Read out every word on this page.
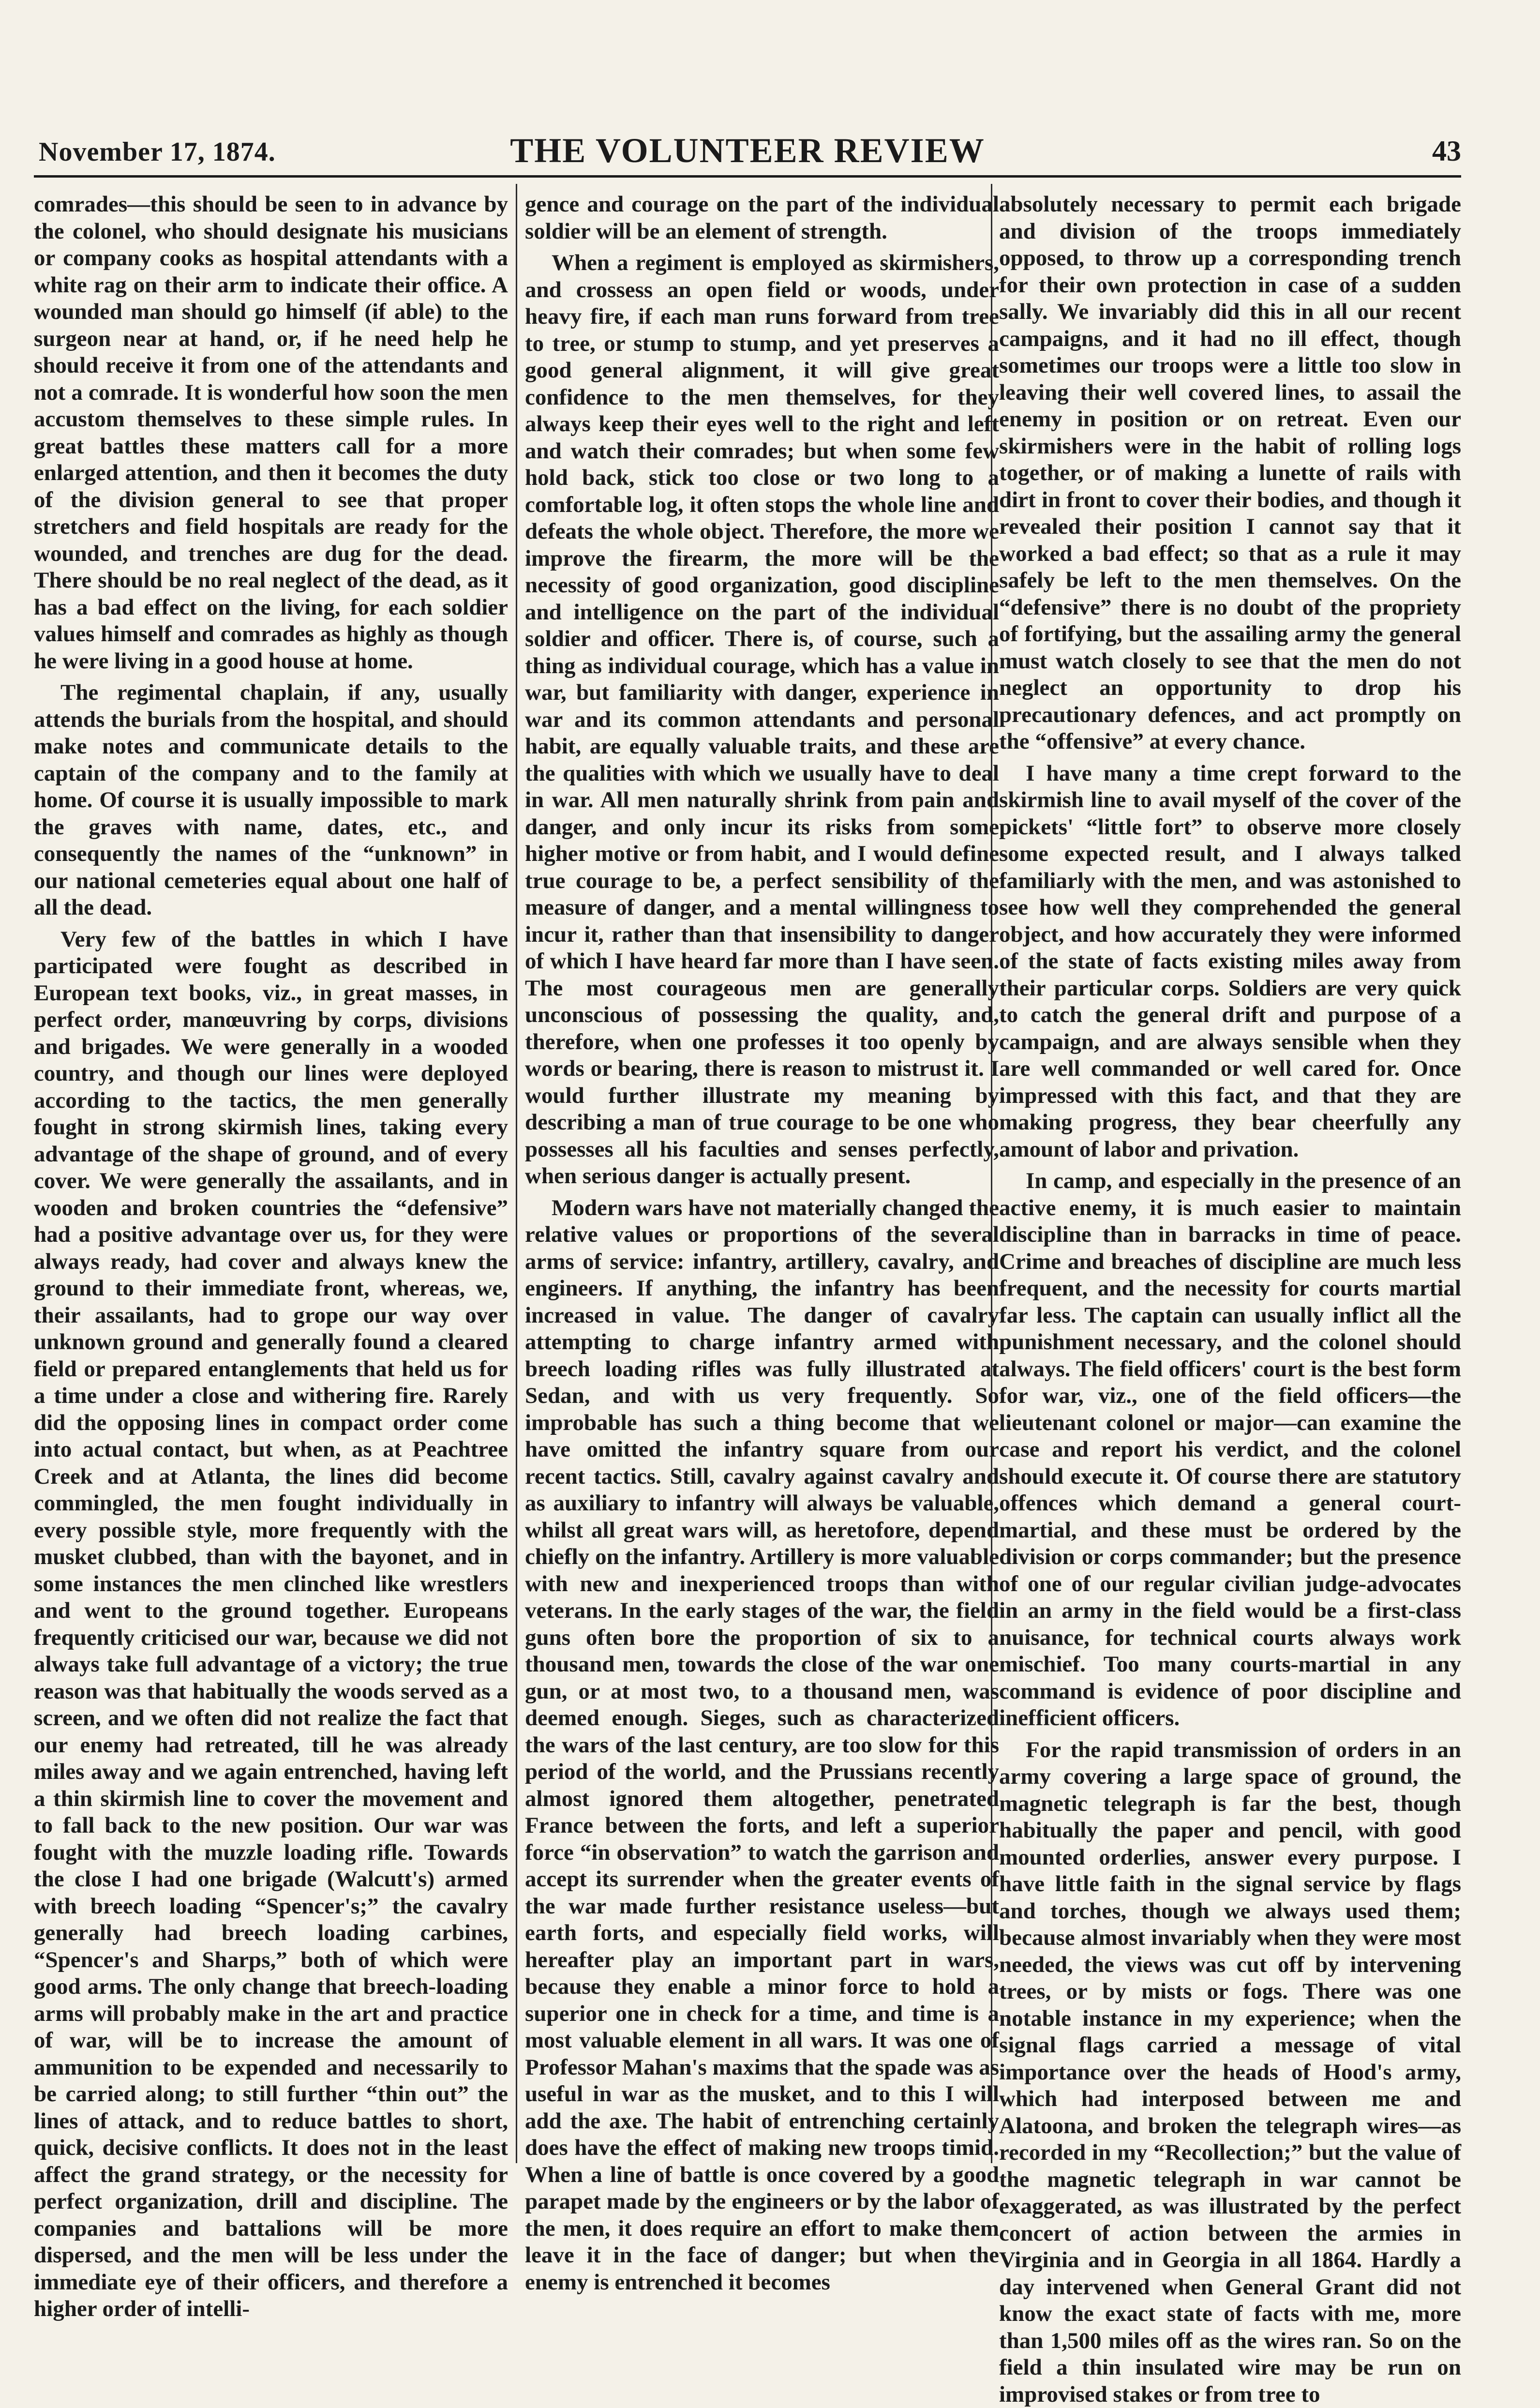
November 17, 1874.	THE VOLUNTEER REVIEW	43

comrades—this should be seen to in advance by the colonel, who should designate his musicians or company cooks as hospital attendants with a white rag on their arm to indicate their office. A wounded man should go himself (if able) to the surgeon near at hand, or, if he need help he should receive it from one of the attendants and not a comrade. It is wonderful how soon the men accustom themselves to these simple rules. In great battles these matters call for a more enlarged attention, and then it becomes the duty of the division general to see that proper stretchers and field hospitals are ready for the wounded, and trenches are dug for the dead. There should be no real neglect of the dead, as it has a bad effect on the living, for each soldier values himself and comrades as highly as though he were living in a good house at home.

The regimental chaplain, if any, usually attends the burials from the hospital, and should make notes and communicate details to the captain of the company and to the family at home. Of course it is usually impossible to mark the graves with name, dates, etc., and consequently the names of the “unknown” in our national cemeteries equal about one half of all the dead.

Very few of the battles in which I have participated were fought as described in European text books, viz., in great masses, in perfect order, manœuvring by corps, divisions and brigades. We were generally in a wooded country, and though our lines were deployed according to the tactics, the men generally fought in strong skirmish lines, taking every advantage of the shape of ground, and of every cover. We were generally the assailants, and in wooden and broken countries the “defensive” had a positive advantage over us, for they were always ready, had cover and always knew the ground to their immediate front, whereas, we, their assailants, had to grope our way over unknown ground and generally found a cleared field or prepared entanglements that held us for a time under a close and withering fire. Rarely did the opposing lines in compact order come into actual contact, but when, as at Peachtree Creek and at Atlanta, the lines did become commingled, the men fought individually in every possible style, more frequently with the musket clubbed, than with the bayonet, and in some instances the men clinched like wrestlers and went to the ground together. Europeans frequently criticised our war, because we did not always take full advantage of a victory; the true reason was that habitually the woods served as a screen, and we often did not realize the fact that our enemy had retreated, till he was already miles away and we again entrenched, having left a thin skirmish line to cover the movement and to fall back to the new position. Our war was fought with the muzzle loading rifle. Towards the close I had one brigade (Walcutt's) armed with breech loading “Spencer's;” the cavalry generally had breech loading carbines, “Spencer's and Sharps,” both of which were good arms. The only change that breech-loading arms will probably make in the art and practice of war, will be to increase the amount of ammunition to be expended and necessarily to be carried along; to still further “thin out” the lines of attack, and to reduce battles to short, quick, decisive conflicts. It does not in the least affect the grand strategy, or the necessity for perfect organization, drill and discipline. The companies and battalions will be more dispersed, and the men will be less under the immediate eye of their officers, and therefore a higher order of intelli-

gence and courage on the part of the individual soldier will be an element of strength.

When a regiment is employed as skirmishers, and crossess an open field or woods, under heavy fire, if each man runs forward from tree to tree, or stump to stump, and yet preserves a good general alignment, it will give great confidence to the men themselves, for they always keep their eyes well to the right and left and watch their comrades; but when some few hold back, stick too close or two long to a comfortable log, it often stops the whole line and defeats the whole object. Therefore, the more we improve the firearm, the more will be the necessity of good organization, good discipline and intelligence on the part of the individual soldier and officer. There is, of course, such a thing as individual courage, which has a value in war, but familiarity with danger, experience in war and its common attendants and personal habit, are equally valuable traits, and these are the qualities with which we usually have to deal in war. All men naturally shrink from pain and danger, and only incur its risks from some higher motive or from habit, and I would define true courage to be, a perfect sensibility of the measure of danger, and a mental willingness to incur it, rather than that insensibility to danger of which I have heard far more than I have seen. The most courageous men are generally unconscious of possessing the quality, and, therefore, when one professes it too openly by words or bearing, there is reason to mistrust it. I would further illustrate my meaning by describing a man of true courage to be one who possesses all his faculties and senses perfectly, when serious danger is actually present.

Modern wars have not materially changed the relative values or proportions of the several arms of service: infantry, artillery, cavalry, and engineers. If anything, the infantry has been increased in value. The danger of cavalry attempting to charge infantry armed with breech loading rifles was fully illustrated at Sedan, and with us very frequently. So improbable has such a thing become that we have omitted the infantry square from our recent tactics. Still, cavalry against cavalry and as auxiliary to infantry will always be valuable, whilst all great wars will, as heretofore, depend chiefly on the infantry. Artillery is more valuable with new and inexperienced troops than with veterans. In the early stages of the war, the field guns often bore the proportion of six to a thousand men, towards the close of the war one gun, or at most two, to a thousand men, was deemed enough. Sieges, such as characterized the wars of the last century, are too slow for this period of the world, and the Prussians recently almost ignored them altogether, penetrated France between the forts, and left a superior force “in observation” to watch the garrison and accept its surrender when the greater events of the war made further resistance useless—but earth forts, and especially field works, will hereafter play an important part in wars, because they enable a minor force to hold a superior one in check for a time, and time is a most valuable element in all wars. It was one of Professor Mahan's maxims that the spade was as useful in war as the musket, and to this I will add the axe. The habit of entrenching certainly does have the effect of making new troops timid. When a line of battle is once covered by a good parapet made by the engineers or by the labor of the men, it does require an effort to make them leave it in the face of danger; but when the enemy is entrenched it becomes

absolutely necessary to permit each brigade and division of the troops immediately opposed, to throw up a corresponding trench for their own protection in case of a sudden sally. We invariably did this in all our recent campaigns, and it had no ill effect, though sometimes our troops were a little too slow in leaving their well covered lines, to assail the enemy in position or on retreat. Even our skirmishers were in the habit of rolling logs together, or of making a lunette of rails with dirt in front to cover their bodies, and though it revealed their position I cannot say that it worked a bad effect; so that as a rule it may safely be left to the men themselves. On the “defensive” there is no doubt of the propriety of fortifying, but the assailing army the general must watch closely to see that the men do not neglect an opportunity to drop his precautionary defences, and act promptly on the “offensive” at every chance.

I have many a time crept forward to the skirmish line to avail myself of the cover of the pickets' “little fort” to observe more closely some expected result, and I always talked familiarly with the men, and was astonished to see how well they comprehended the general object, and how accurately they were informed of the state of facts existing miles away from their particular corps. Soldiers are very quick to catch the general drift and purpose of a campaign, and are always sensible when they are well commanded or well cared for. Once impressed with this fact, and that they are making progress, they bear cheerfully any amount of labor and privation.

In camp, and especially in the presence of an active enemy, it is much easier to maintain discipline than in barracks in time of peace. Crime and breaches of discipline are much less frequent, and the necessity for courts martial far less. The captain can usually inflict all the punishment necessary, and the colonel should always. The field officers' court is the best form for war, viz., one of the field officers—the lieutenant colonel or major—can examine the case and report his verdict, and the colonel should execute it. Of course there are statutory offences which demand a general court-martial, and these must be ordered by the division or corps commander; but the presence of one of our regular civilian judge-advocates in an army in the field would be a first-class nuisance, for technical courts always work mischief. Too many courts-martial in any command is evidence of poor discipline and inefficient officers.

For the rapid transmission of orders in an army covering a large space of ground, the magnetic telegraph is far the best, though habitually the paper and pencil, with good mounted orderlies, answer every purpose. I have little faith in the signal service by flags and torches, though we always used them; because almost invariably when they were most needed, the views was cut off by intervening trees, or by mists or fogs. There was one notable instance in my experience; when the signal flags carried a message of vital importance over the heads of Hood's army, which had interposed between me and Alatoona, and broken the telegraph wires—as recorded in my “Recollection;” but the value of the magnetic telegraph in war cannot be exaggerated, as was illustrated by the perfect concert of action between the armies in Virginia and in Georgia in all 1864. Hardly a day intervened when General Grant did not know the exact state of facts with me, more than 1,500 miles off as the wires ran. So on the field a thin insulated wire may be run on improvised stakes or from tree to
